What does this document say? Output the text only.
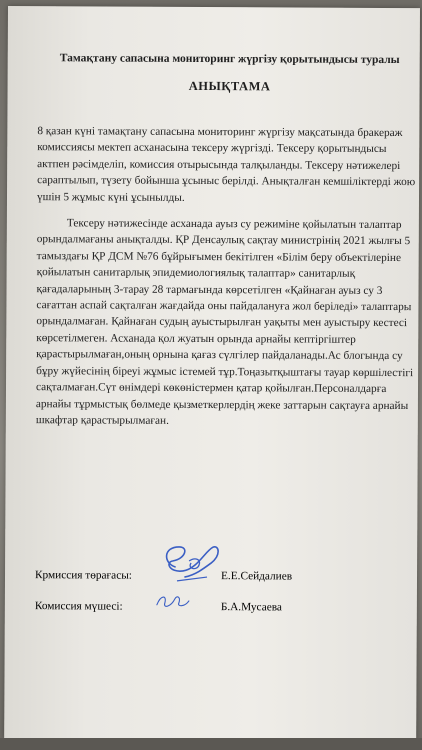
Тамақтану сапасына мониторинг жүргізу қорытындысы туралы
АНЫҚТАМА

8 қазан күні тамақтану сапасына мониторинг жүргізу мақсатында бракераж комиссиясы мектеп асханасына тексеру жүргізді. Тексеру қорытындысы актпен рәсімделіп, комиссия отырысында талқыланды. Тексеру нәтижелері сараптылып, түзету бойынша ұсыныс берілді. Анықталған кемшіліктерді жою үшін 5 жұмыс күні ұсынылды.

Тексеру нәтижесінде асханада ауыз су режиміне қойылатын талаптар орындалмағаны анықталды. ҚР Денсаулық сақтау министрінің 2021 жылғы 5 тамыздағы ҚР ДСМ №76 бұйрығымен бекітілген «Білім беру объектілеріне қойылатын санитарлық эпидемиологиялық талаптар» санитарлық қағадаларының 3-тарау 28 тармағында көрсетілген «Қайнаған ауыз су 3 сағаттан аспай сақталған жағдайда оны пайдалануға жол беріледі» талаптары орындалмаған. Қайнаған судың ауыстырылған уақыты мен ауыстыру кестесі көрсетілмеген. Асханада қол жуатын орында арнайы кептіргіштер қарастырылмаған,оның орнына қағаз сүлгілер пайдаланады.Ас блогында су бұру жүйесінің біреуі жұмыс істемей тұр.Тоңазытқыштағы тауар көршілестігі сақталмаған.Сүт өнімдері көкөністермен қатар қойылған.Персоналдарға арнайы тұрмыстық бөлмеде қызметкерлердің жеке заттарын сақтауға арнайы шкафтар қарастырылмаған.

Крмиссия төрағасы:	Е.Е.Сейдалиев
Комиссия мүшесі:	Б.А.Мусаева
